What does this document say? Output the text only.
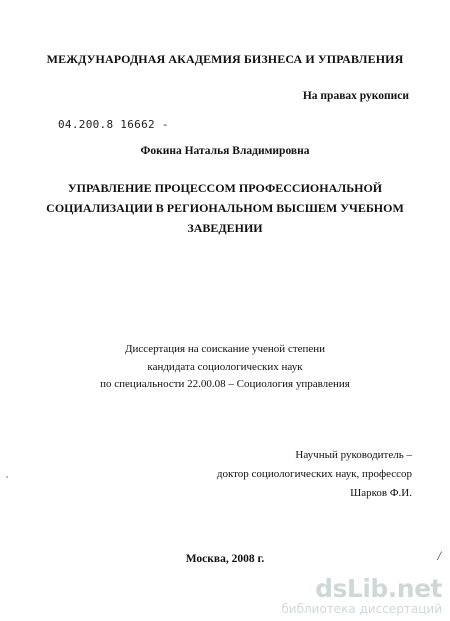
МЕЖДУНАРОДНАЯ АКАДЕМИЯ БИЗНЕСА И УПРАВЛЕНИЯ
На правах рукописи
04.200.8 16662 -
Фокина Наталья Владимировна
УПРАВЛЕНИЕ ПРОЦЕССОМ ПРОФЕССИОНАЛЬНОЙ
СОЦИАЛИЗАЦИИ В РЕГИОНАЛЬНОМ ВЫСШЕМ УЧЕБНОМ
ЗАВЕДЕНИИ
Диссертация на соискание ученой степени
кандидата социологических наук
по специальности 22.00.08 – Социология управления
Научный руководитель –
доктор социологических наук, профессор
Шарков Ф.И.
Москва, 2008 г.	/
dsLib.net
библиотека диссертаций
